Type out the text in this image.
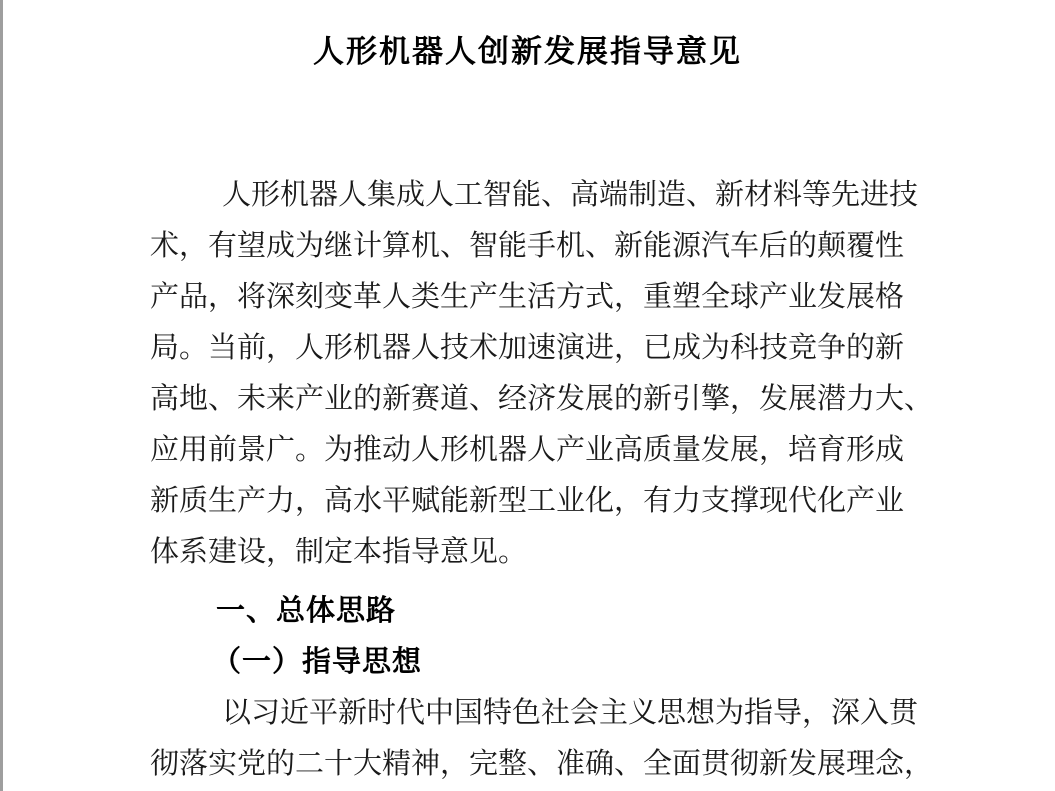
人形机器人创新发展指导意见
人形机器人集成人工智能、高端制造、新材料等先进技
术，有望成为继计算机、智能手机、新能源汽车后的颠覆性
产品，将深刻变革人类生产生活方式，重塑全球产业发展格
局。当前，人形机器人技术加速演进，已成为科技竞争的新
高地、未来产业的新赛道、经济发展的新引擎，发展潜力大、
应用前景广。为推动人形机器人产业高质量发展，培育形成
新质生产力，高水平赋能新型工业化，有力支撑现代化产业
体系建设，制定本指导意见。
一、总体思路
（一）指导思想
以习近平新时代中国特色社会主义思想为指导，深入贯
彻落实党的二十大精神，完整、准确、全面贯彻新发展理念，
